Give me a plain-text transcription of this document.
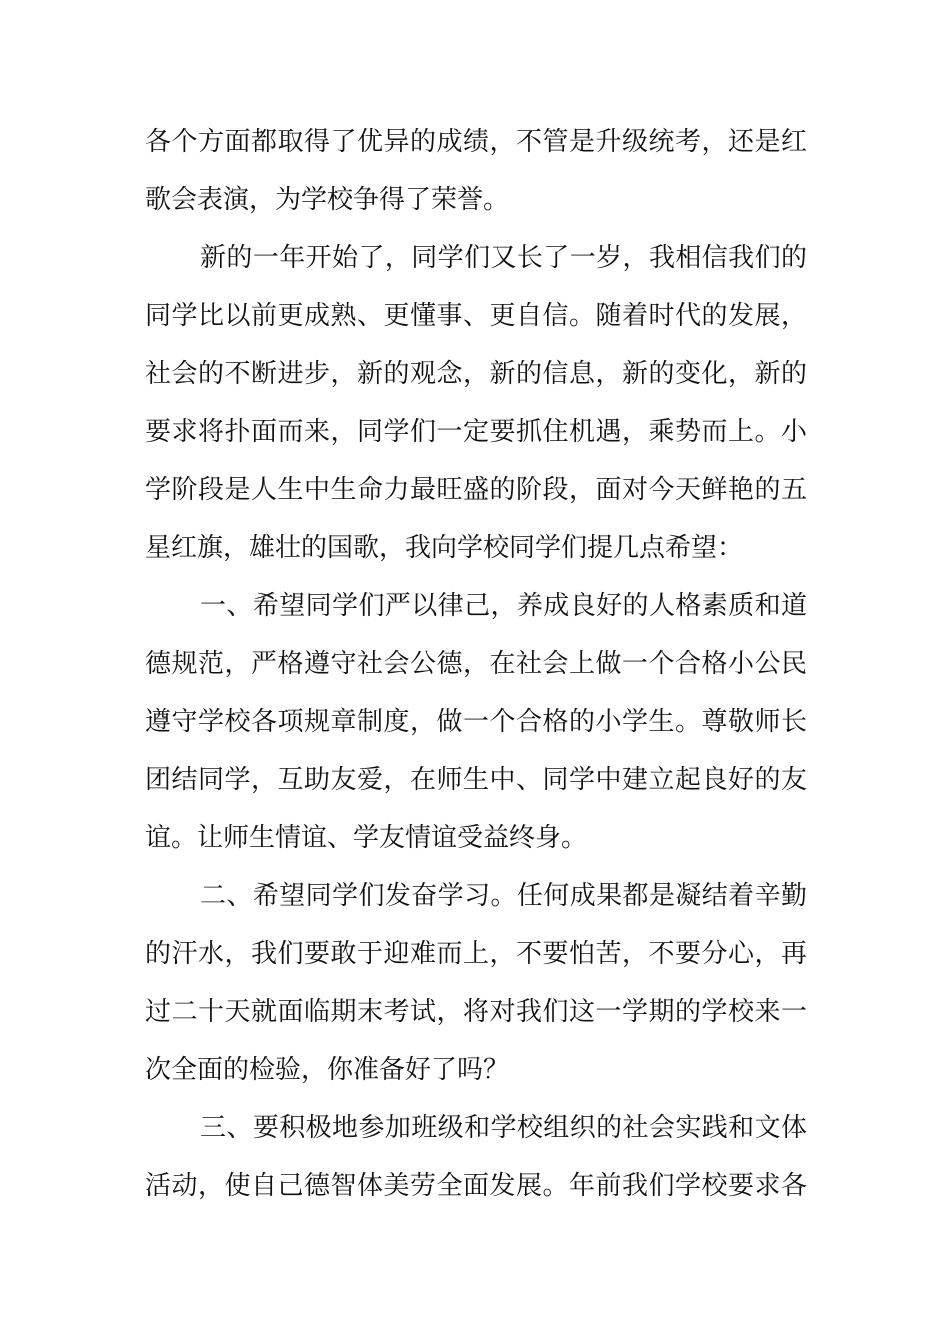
各个方面都取得了优异的成绩，不管是升级统考，还是红
歌会表演，为学校争得了荣誉。
新的一年开始了，同学们又长了一岁，我相信我们的
同学比以前更成熟、更懂事、更自信。随着时代的发展，
社会的不断进步，新的观念，新的信息，新的变化，新的
要求将扑面而来，同学们一定要抓住机遇，乘势而上。小
学阶段是人生中生命力最旺盛的阶段，面对今天鲜艳的五
星红旗，雄壮的国歌，我向学校同学们提几点希望：
一、希望同学们严以律己，养成良好的人格素质和道
德规范，严格遵守社会公德，在社会上做一个合格小公民
遵守学校各项规章制度，做一个合格的小学生。尊敬师长
团结同学，互助友爱，在师生中、同学中建立起良好的友
谊。让师生情谊、学友情谊受益终身。
二、希望同学们发奋学习。任何成果都是凝结着辛勤
的汗水，我们要敢于迎难而上，不要怕苦，不要分心，再
过二十天就面临期末考试，将对我们这一学期的学校来一
次全面的检验，你准备好了吗？
三、要积极地参加班级和学校组织的社会实践和文体
活动，使自己德智体美劳全面发展。年前我们学校要求各
